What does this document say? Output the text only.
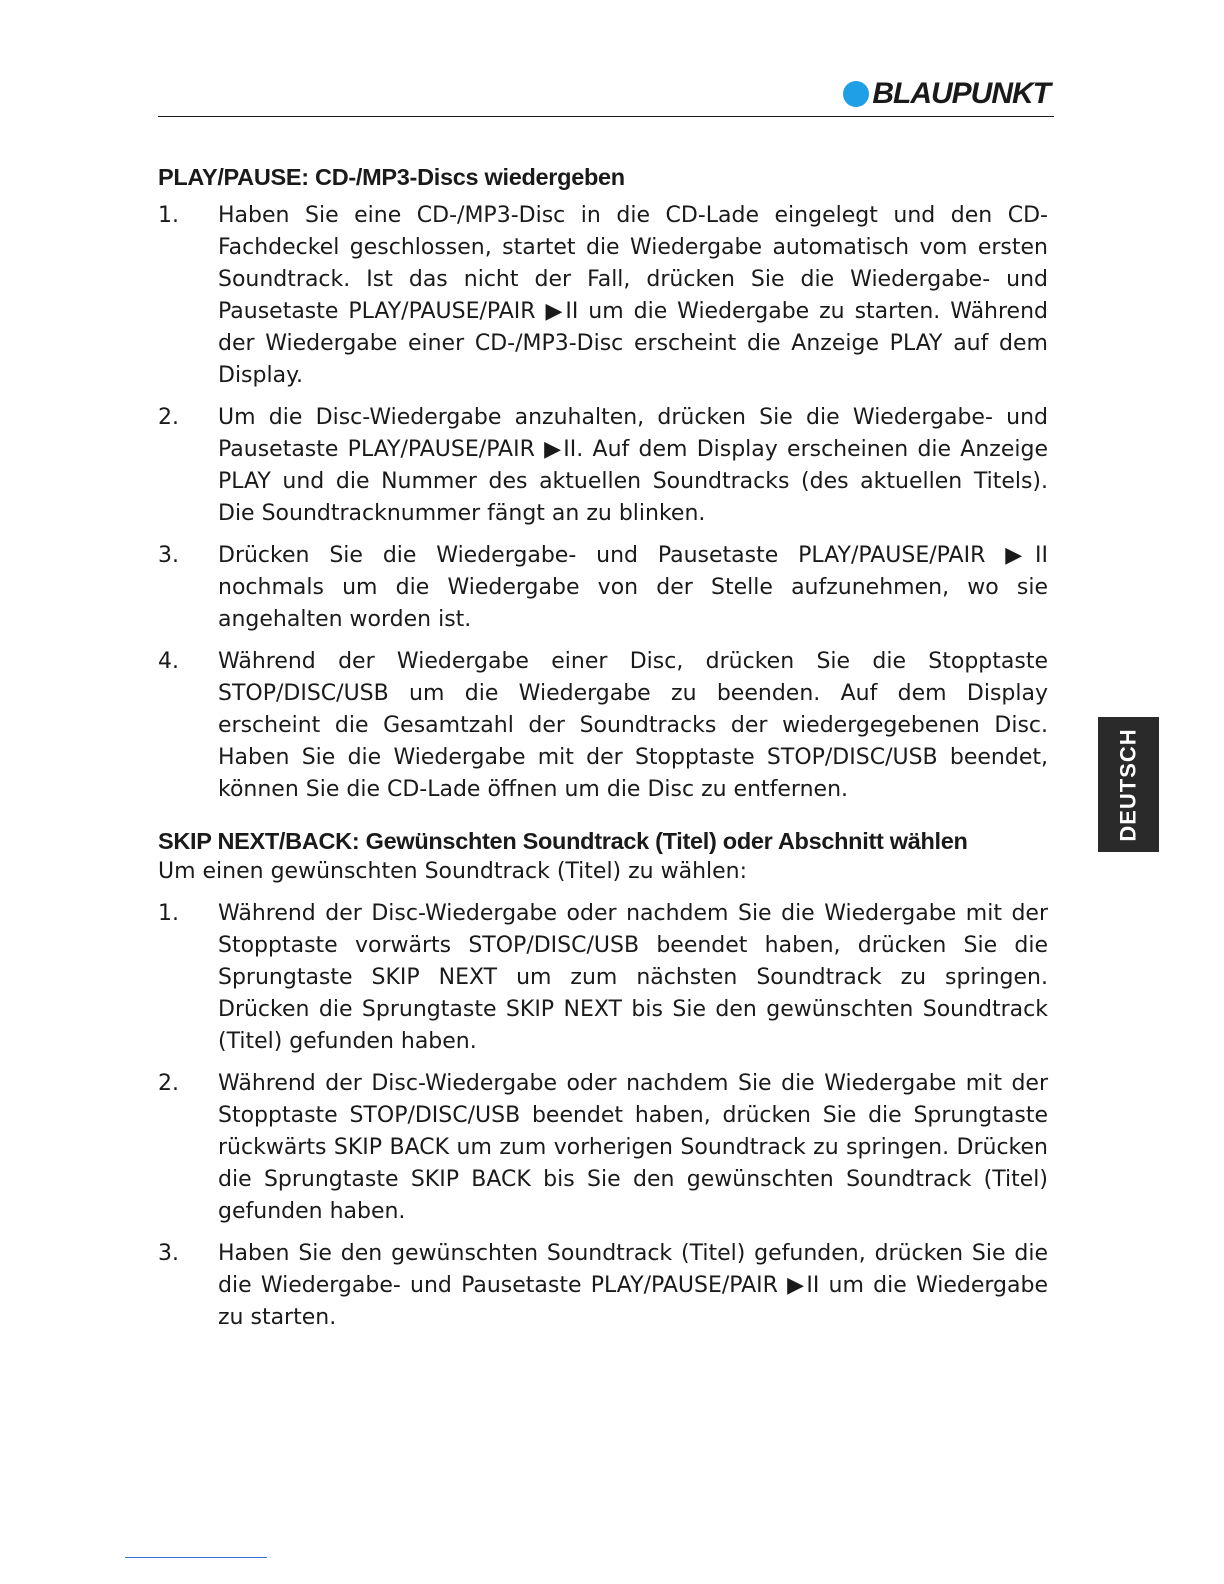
BLAUPUNKT
PLAY/PAUSE: CD-/MP3-Discs wiedergeben
1. Haben Sie eine CD-/MP3-Disc in die CD-Lade eingelegt und den CD-Fachdeckel geschlossen, startet die Wiedergabe automatisch vom ersten Soundtrack. Ist das nicht der Fall, drücken Sie die Wiedergabe- und Pausetaste PLAY/PAUSE/PAIR ▶II um die Wiedergabe zu starten. Während der Wiedergabe einer CD-/MP3-Disc erscheint die Anzeige PLAY auf dem Display.
2. Um die Disc-Wiedergabe anzuhalten, drücken Sie die Wiedergabe- und Pausetaste PLAY/PAUSE/PAIR ▶II. Auf dem Display erscheinen die Anzeige PLAY und die Nummer des aktuellen Soundtracks (des aktuellen Titels). Die Soundtracknummer fängt an zu blinken.
3. Drücken Sie die Wiedergabe- und Pausetaste PLAY/PAUSE/PAIR ▶II nochmals um die Wiedergabe von der Stelle aufzunehmen, wo sie angehalten worden ist.
4. Während der Wiedergabe einer Disc, drücken Sie die Stopptaste STOP/DISC/USB um die Wiedergabe zu beenden. Auf dem Display erscheint die Gesamtzahl der Soundtracks der wiedergegebenen Disc. Haben Sie die Wiedergabe mit der Stopptaste STOP/DISC/USB beendet, können Sie die CD-Lade öffnen um die Disc zu entfernen.
SKIP NEXT/BACK: Gewünschten Soundtrack (Titel) oder Abschnitt wählen

Um einen gewünschten Soundtrack (Titel) zu wählen:

1. Während der Disc-Wiedergabe oder nachdem Sie die Wiedergabe mit der Stopptaste vorwärts STOP/DISC/USB beendet haben, drücken Sie die Sprungtaste SKIP NEXT um zum nächsten Soundtrack zu springen. Drücken die Sprungtaste SKIP NEXT bis Sie den gewünschten Soundtrack (Titel) gefunden haben.
2. Während der Disc-Wiedergabe oder nachdem Sie die Wiedergabe mit der Stopptaste STOP/DISC/USB beendet haben, drücken Sie die Sprungtaste rückwärts SKIP BACK um zum vorherigen Soundtrack zu springen. Drücken die Sprungtaste SKIP BACK bis Sie den gewünschten Soundtrack (Titel) gefunden haben.
3. Haben Sie den gewünschten Soundtrack (Titel) gefunden, drücken Sie die die Wiedergabe- und Pausetaste PLAY/PAUSE/PAIR ▶II um die Wiedergabe zu starten.
DEUTSCH
